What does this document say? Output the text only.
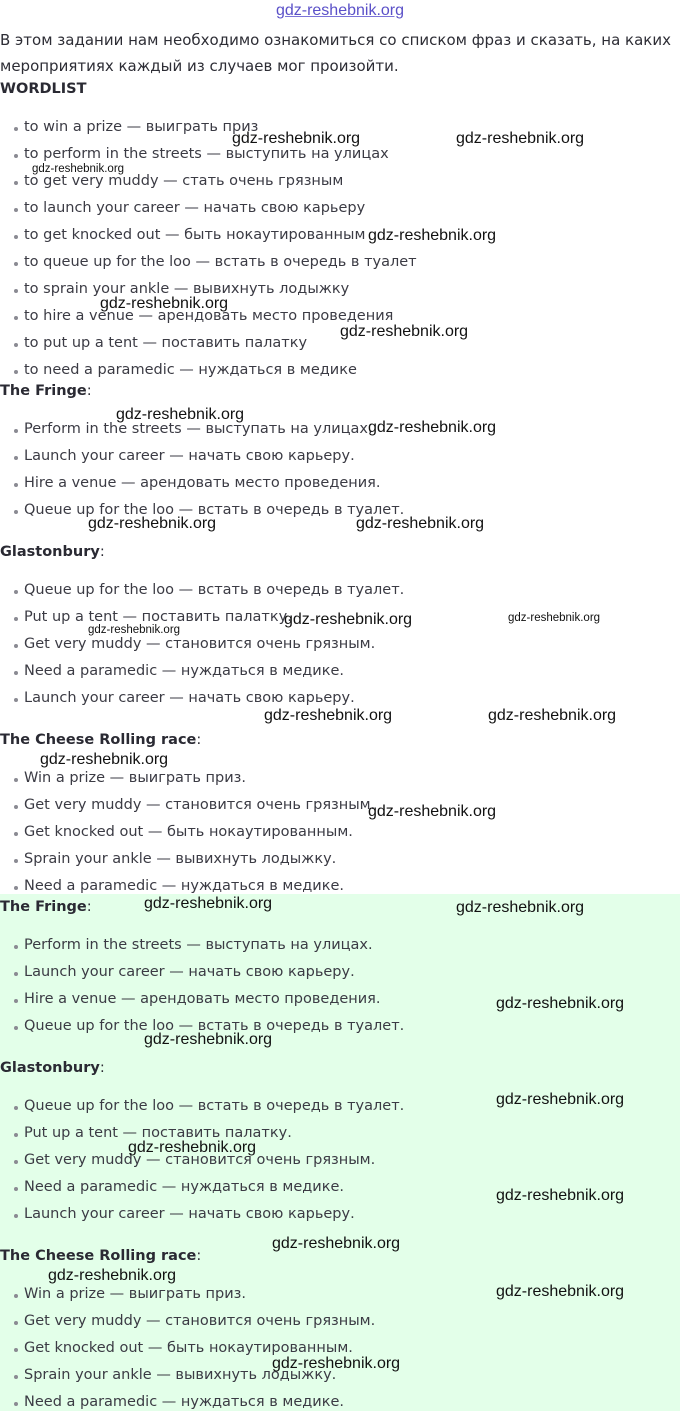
gdz-reshebnik.org

В этом задании нам необходимо ознакомиться со списком фраз и сказать, на каких мероприятиях каждый из случаев мог произойти.

WORDLIST
to win a prize — выиграть приз
to perform in the streets — выступить на улицах
to get very muddy — стать очень грязным
to launch your career — начать свою карьеру
to get knocked out — быть нокаутированным
to queue up for the loo — встать в очередь в туалет
to sprain your ankle — вывихнуть лодыжку
to hire a venue — арендовать место проведения
to put up a tent — поставить палатку
to need a paramedic — нуждаться в медике
The Fringe:
Perform in the streets — выступать на улицах.
Launch your career — начать свою карьеру.
Hire a venue — арендовать место проведения.
Queue up for the loo — встать в очередь в туалет.
Glastonbury:
Queue up for the loo — встать в очередь в туалет.
Put up a tent — поставить палатку.
Get very muddy — становится очень грязным.
Need a paramedic — нуждаться в медике.
Launch your career — начать свою карьеру.
The Cheese Rolling race:
Win a prize — выиграть приз.
Get very muddy — становится очень грязным.
Get knocked out — быть нокаутированным.
Sprain your ankle — вывихнуть лодыжку.
Need a paramedic — нуждаться в медике.
The Fringe:
Perform in the streets — выступать на улицах.
Launch your career — начать свою карьеру.
Hire a venue — арендовать место проведения.
Queue up for the loo — встать в очередь в туалет.
Glastonbury:
Queue up for the loo — встать в очередь в туалет.
Put up a tent — поставить палатку.
Get very muddy — становится очень грязным.
Need a paramedic — нуждаться в медике.
Launch your career — начать свою карьеру.
The Cheese Rolling race:
Win a prize — выиграть приз.
Get very muddy — становится очень грязным.
Get knocked out — быть нокаутированным.
Sprain your ankle — вывихнуть лодыжку.
Need a paramedic — нуждаться в медике.
gdz-reshebnik.org	gdz-reshebnik.org
gdz-reshebnik.org
gdz-reshebnik.org
gdz-reshebnik.org
gdz-reshebnik.org
gdz-reshebnik.org
gdz-reshebnik.org
gdz-reshebnik.org	gdz-reshebnik.org
gdz-reshebnik.org	gdz-reshebnik.org
gdz-reshebnik.org
gdz-reshebnik.org	gdz-reshebnik.org
gdz-reshebnik.org
gdz-reshebnik.org
gdz-reshebnik.org	gdz-reshebnik.org
gdz-reshebnik.org
gdz-reshebnik.org
gdz-reshebnik.org
gdz-reshebnik.org
gdz-reshebnik.org
gdz-reshebnik.org
gdz-reshebnik.org
gdz-reshebnik.org
gdz-reshebnik.org
